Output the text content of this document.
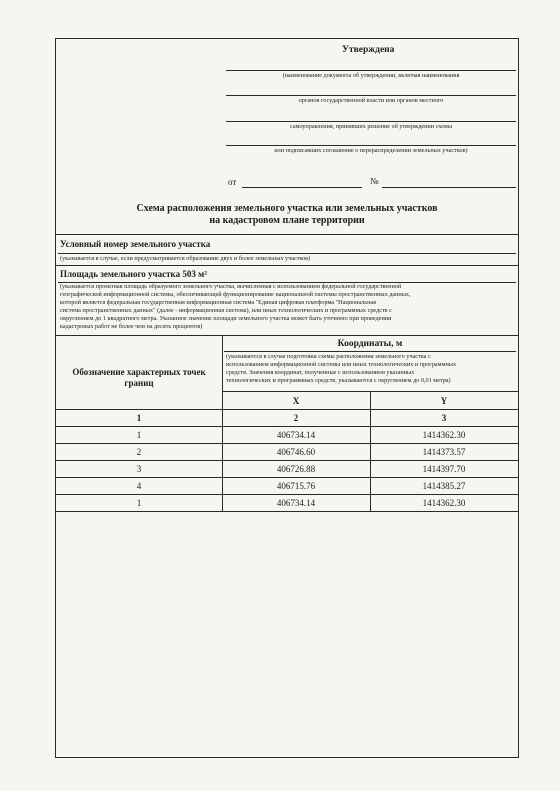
Утверждена
(наименование документа об утверждении, включая наименования
органов государственной власти или органов местного
самоуправления, принявших решение об утверждении схемы
или подписавших соглашение о перераспределении земельных участков)
от	№
Схема расположения земельного участка или земельных участков
на кадастровом плане территории
Условный номер земельного участка
(указывается в случае, если предусматривается образование двух и более земельных участков)
Площадь земельного участка 503 м²
(указывается проектная площадь образуемого земельного участка, вычисленная с использованием федеральной государственной
географической информационной системы, обеспечивающей функционирование национальной системы пространственных данных,
которой является федеральная государственная информационная система "Единая цифровая платформа "Национальная
система пространственных данных" (далее - информационная система), или иных технологических и программных средств с
округлением до 1 квадратного метра. Указанное значение площади земельного участка может быть уточнено при проведении
кадастровых работ не более чем на десять процентов)
Обозначение характерных точек границ
Координаты, м
(указываются в случае подготовки схемы расположения земельного участка с
использованием информационной системы или иных технологических и программных
средств. Значения координат, полученные с использованием указанных
технологических и программных средств, указываются с округлением до 0,01 метра)
X	Y
1	2	3
1	406734.14	1414362.30
2	406746.60	1414373.57
3	406726.88	1414397.70
4	406715.76	1414385.27
1	406734.14	1414362.30
